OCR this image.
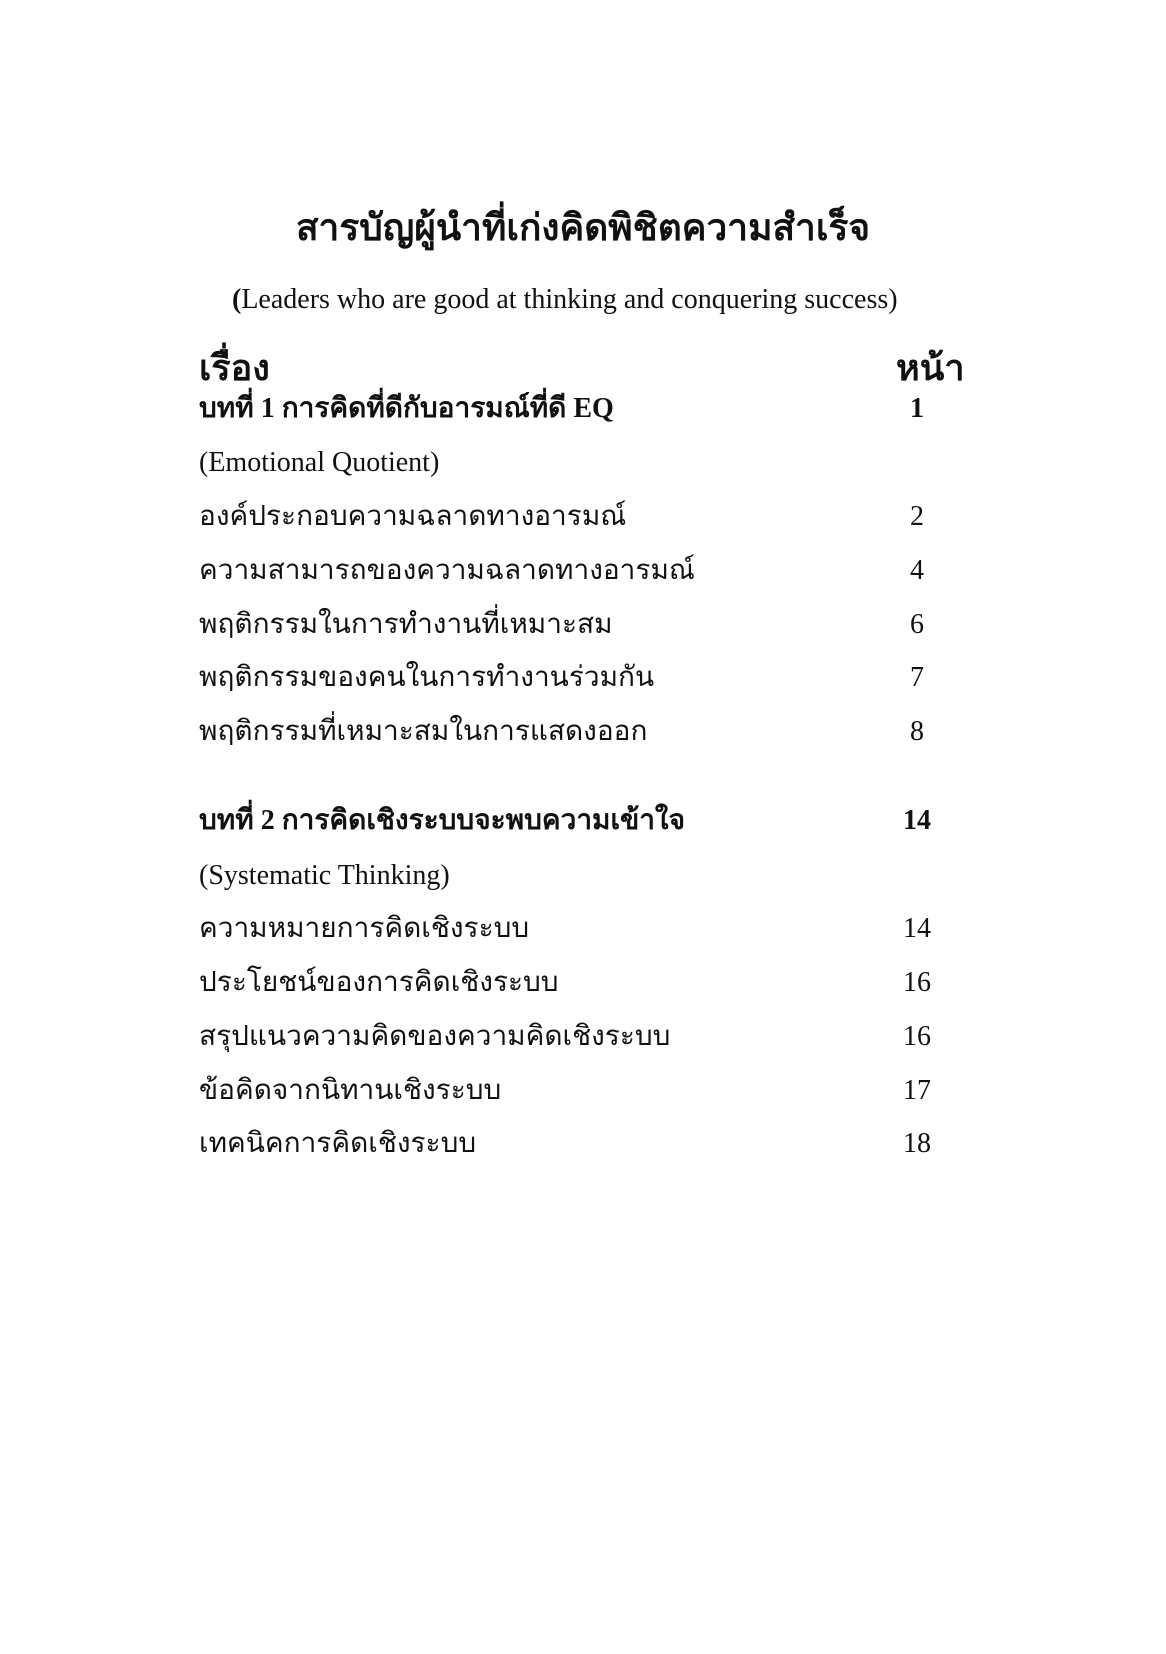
สารบัญผู้นำที่เก่งคิดพิชิตความสำเร็จ
(Leaders who are good at thinking and conquering success)
เรื่อง	หน้า
บทที่ 1 การคิดที่ดีกับอารมณ์ที่ดี EQ	1
(Emotional Quotient)
องค์ประกอบความฉลาดทางอารมณ์	2
ความสามารถของความฉลาดทางอารมณ์	4
พฤติกรรมในการทำงานที่เหมาะสม	6
พฤติกรรมของคนในการทำงานร่วมกัน	7
พฤติกรรมที่เหมาะสมในการแสดงออก	8
บทที่ 2 การคิดเชิงระบบจะพบความเข้าใจ	14
(Systematic Thinking)
ความหมายการคิดเชิงระบบ	14
ประโยชน์ของการคิดเชิงระบบ	16
สรุปแนวความคิดของความคิดเชิงระบบ	16
ข้อคิดจากนิทานเชิงระบบ	17
เทคนิคการคิดเชิงระบบ	18
